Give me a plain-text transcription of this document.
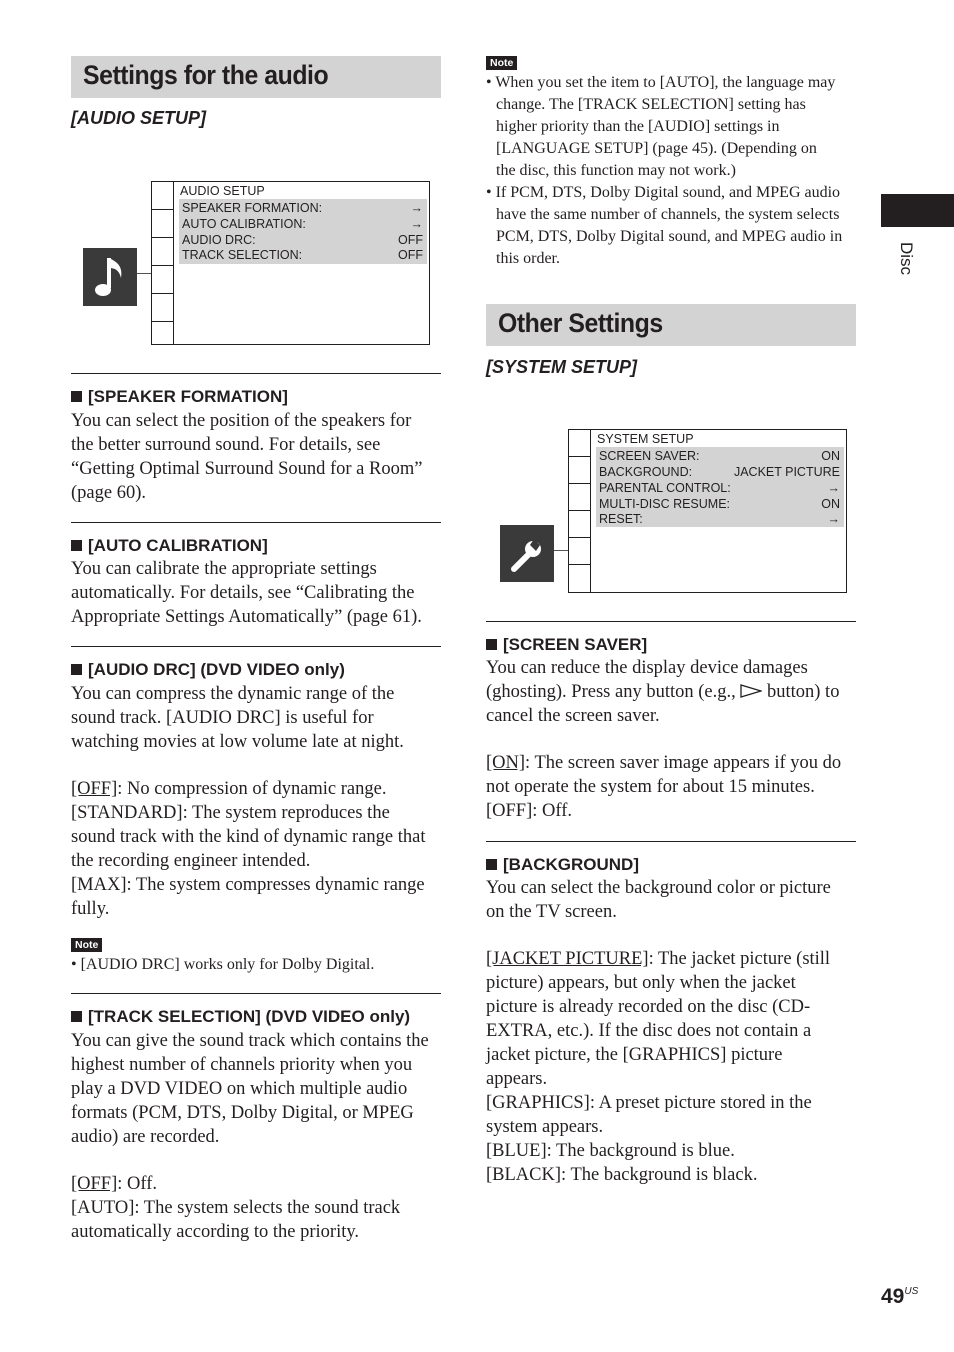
Settings for the audio
[AUDIO SETUP]
AUDIO SETUP
SPEAKER FORMATION:	→
AUTO CALIBRATION:	→
AUDIO DRC:	OFF
TRACK SELECTION:	OFF
[SPEAKER FORMATION]
You can select the position of the speakers for
the better surround sound. For details, see
“Getting Optimal Surround Sound for a Room”
(page 60).
[AUTO CALIBRATION]
You can calibrate the appropriate settings
automatically. For details, see “Calibrating the
Appropriate Settings Automatically” (page 61).
[AUDIO DRC] (DVD VIDEO only)
You can compress the dynamic range of the
sound track. [AUDIO DRC] is useful for
watching movies at low volume late at night.
[OFF]: No compression of dynamic range.
[STANDARD]: The system reproduces the
sound track with the kind of dynamic range that
the recording engineer intended.
[MAX]: The system compresses dynamic range
fully.
Note
• [AUDIO DRC] works only for Dolby Digital.
[TRACK SELECTION] (DVD VIDEO only)
You can give the sound track which contains the
highest number of channels priority when you
play a DVD VIDEO on which multiple audio
formats (PCM, DTS, Dolby Digital, or MPEG
audio) are recorded.
[OFF]: Off.
[AUTO]: The system selects the sound track
automatically according to the priority.
Note
• When you set the item to [AUTO], the language may
change. The [TRACK SELECTION] setting has
higher priority than the [AUDIO] settings in
[LANGUAGE SETUP] (page 45). (Depending on
the disc, this function may not work.)
• If PCM, DTS, Dolby Digital sound, and MPEG audio
have the same number of channels, the system selects
PCM, DTS, Dolby Digital sound, and MPEG audio in
this order.
Other Settings
[SYSTEM SETUP]
SYSTEM SETUP
SCREEN SAVER:	ON
BACKGROUND:	JACKET PICTURE
PARENTAL CONTROL:	→
MULTI-DISC RESUME:	ON
RESET:	→
[SCREEN SAVER]
You can reduce the display device damages
(ghosting). Press any button (e.g.,  button) to
cancel the screen saver.
[ON]: The screen saver image appears if you do
not operate the system for about 15 minutes.
[OFF]: Off.
[BACKGROUND]
You can select the background color or picture
on the TV screen.
[JACKET PICTURE]: The jacket picture (still
picture) appears, but only when the jacket
picture is already recorded on the disc (CD-
EXTRA, etc.). If the disc does not contain a
jacket picture, the [GRAPHICS] picture
appears.
[GRAPHICS]: A preset picture stored in the
system appears.
[BLUE]: The background is blue.
[BLACK]: The background is black.
Disc
$49^{US}$
